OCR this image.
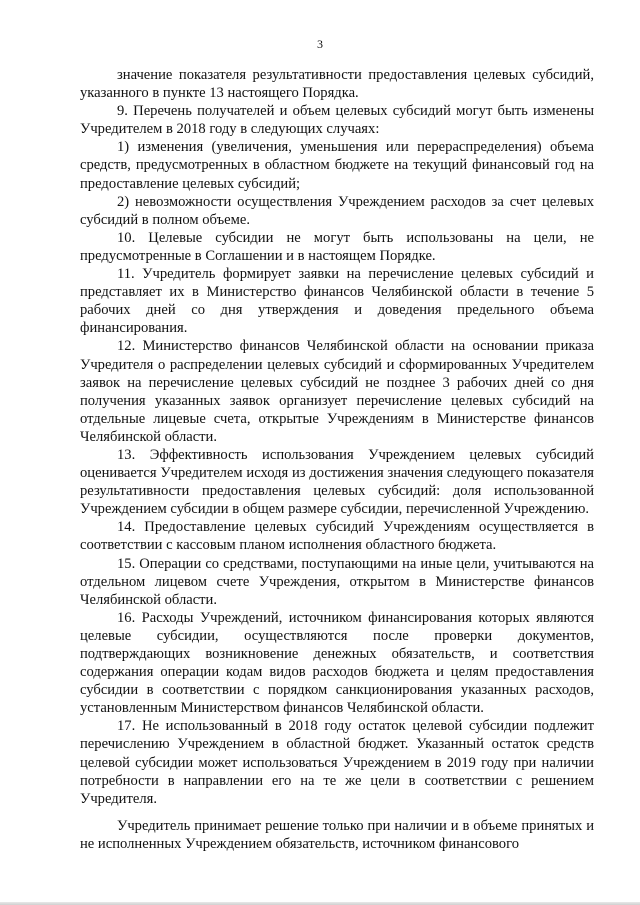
3

значение показателя результативности предоставления целевых субсидий, указанного в пункте 13 настоящего Порядка.

9. Перечень получателей и объем целевых субсидий могут быть изменены Учредителем в 2018 году в следующих случаях:

1) изменения (увеличения, уменьшения или перераспределения) объема средств, предусмотренных в областном бюджете на текущий финансовый год на предоставление целевых субсидий;

2) невозможности осуществления Учреждением расходов за счет целевых субсидий в полном объеме.

10. Целевые субсидии не могут быть использованы на цели, не предусмотренные в Соглашении и в настоящем Порядке.

11. Учредитель формирует заявки на перечисление целевых субсидий и представляет их в Министерство финансов Челябинской области в течение 5 рабочих дней со дня утверждения и доведения предельного объема финансирования.

12. Министерство финансов Челябинской области на основании приказа Учредителя о распределении целевых субсидий и сформированных Учредителем заявок на перечисление целевых субсидий не позднее 3 рабочих дней со дня получения указанных заявок организует перечисление целевых субсидий на отдельные лицевые счета, открытые Учреждениям в Министерстве финансов Челябинской области.

13. Эффективность использования Учреждением целевых субсидий оценивается Учредителем исходя из достижения значения следующего показателя результативности предоставления целевых субсидий: доля использованной Учреждением субсидии в общем размере субсидии, перечисленной Учреждению.

14. Предоставление целевых субсидий Учреждениям осуществляется в соответствии с кассовым планом исполнения областного бюджета.

15. Операции со средствами, поступающими на иные цели, учитываются на отдельном лицевом счете Учреждения, открытом в Министерстве финансов Челябинской области.

16. Расходы Учреждений, источником финансирования которых являются целевые субсидии, осуществляются после проверки документов, подтверждающих возникновение денежных обязательств, и соответствия содержания операции кодам видов расходов бюджета и целям предоставления субсидии в соответствии с порядком санкционирования указанных расходов, установленным Министерством финансов Челябинской области.

17. Не использованный в 2018 году остаток целевой субсидии подлежит перечислению Учреждением в областной бюджет. Указанный остаток средств целевой субсидии может использоваться Учреждением в 2019 году при наличии потребности в направлении его на те же цели в соответствии с решением Учредителя.

Учредитель принимает решение только при наличии и в объеме принятых и не исполненных Учреждением обязательств, источником финансового
